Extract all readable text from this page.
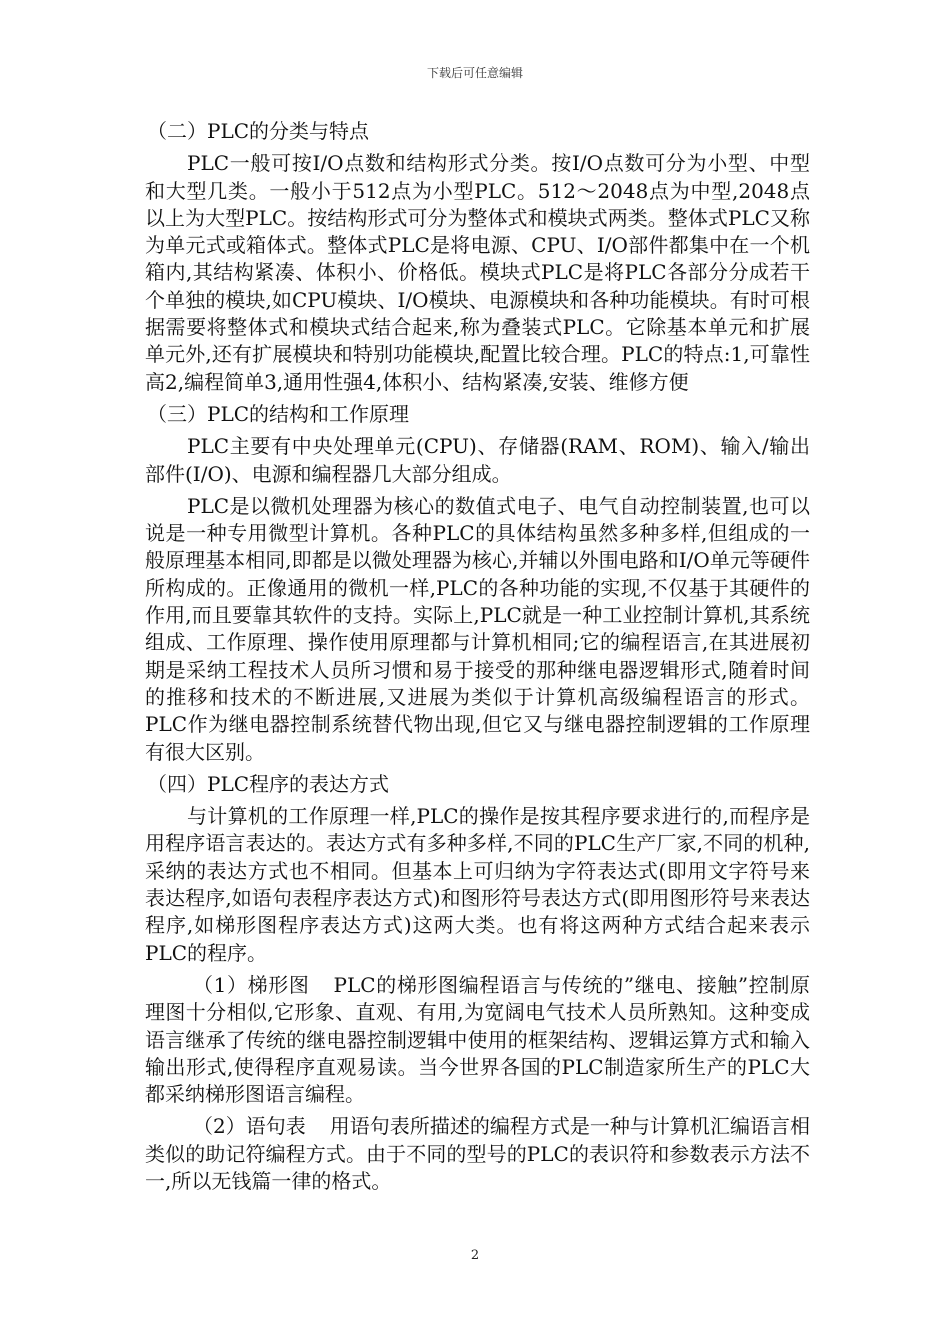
下载后可任意编辑
（二）PLC的分类与特点

PLC一般可按I/O点数和结构形式分类。按I/O点数可分为小型、中型和大型几类。一般小于512点为小型PLC。512～2048点为中型,2048点以上为大型PLC。按结构形式可分为整体式和模块式两类。整体式PLC又称为单元式或箱体式。整体式PLC是将电源、CPU、I/O部件都集中在一个机箱内,其结构紧凑、体积小、价格低。模块式PLC是将PLC各部分分成若干个单独的模块,如CPU模块、I/O模块、电源模块和各种功能模块。有时可根据需要将整体式和模块式结合起来,称为叠装式PLC。它除基本单元和扩展单元外,还有扩展模块和特别功能模块,配置比较合理。PLC的特点:1,可靠性高2,编程简单3,通用性强4,体积小、结构紧凑,安装、维修方便

（三）PLC的结构和工作原理

PLC主要有中央处理单元(CPU)、存储器(RAM、ROM)、输入/输出部件(I/O)、电源和编程器几大部分组成。

PLC是以微机处理器为核心的数值式电子、电气自动控制装置,也可以说是一种专用微型计算机。各种PLC的具体结构虽然多种多样,但组成的一般原理基本相同,即都是以微处理器为核心,并辅以外围电路和I/O单元等硬件所构成的。正像通用的微机一样,PLC的各种功能的实现,不仅基于其硬件的作用,而且要靠其软件的支持。实际上,PLC就是一种工业控制计算机,其系统组成、工作原理、操作使用原理都与计算机相同;它的编程语言,在其进展初期是采纳工程技术人员所习惯和易于接受的那种继电器逻辑形式,随着时间的推移和技术的不断进展,又进展为类似于计算机高级编程语言的形式。PLC作为继电器控制系统替代物出现,但它又与继电器控制逻辑的工作原理有很大区别。

（四）PLC程序的表达方式

与计算机的工作原理一样,PLC的操作是按其程序要求进行的,而程序是用程序语言表达的。表达方式有多种多样,不同的PLC生产厂家,不同的机种,采纳的表达方式也不相同。但基本上可归纳为字符表达式(即用文字符号来表达程序,如语句表程序表达方式)和图形符号表达方式(即用图形符号来表达程序,如梯形图程序表达方式)这两大类。也有将这两种方式结合起来表示PLC的程序。

（1）梯形图 PLC的梯形图编程语言与传统的”继电、接触”控制原理图十分相似,它形象、直观、有用,为宽阔电气技术人员所熟知。这种变成语言继承了传统的继电器控制逻辑中使用的框架结构、逻辑运算方式和输入输出形式,使得程序直观易读。当今世界各国的PLC制造家所生产的PLC大都采纳梯形图语言编程。

（2）语句表 用语句表所描述的编程方式是一种与计算机汇编语言相类似的助记符编程方式。由于不同的型号的PLC的表识符和参数表示方法不一,所以无钱篇一律的格式。

2
